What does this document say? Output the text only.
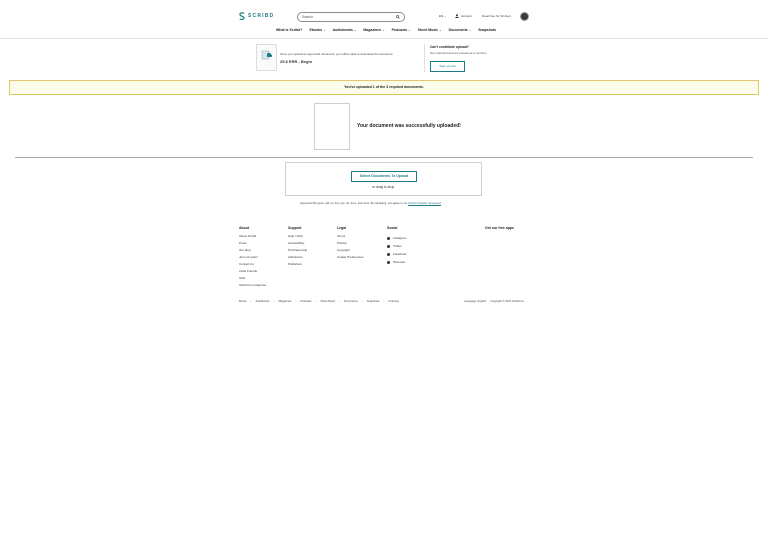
SCRIBD	Search	EN ⌄	Account	Read free for 30 days
What is Scribd? Ebooks ⌄ Audiobooks ⌄ Magazines ⌄ Podcasts ⌄ Sheet Music ⌄ Documents ⌄ Snapshots
Once you upload an approved document, you will be able to download the document
25 $ ERR - Begin
Can't contribute upload?
Get unlimited access instead as a member
Sign up now
You've uploaded 1 of the 3 required documents.
Your document was successfully uploaded!
Select Documents To Upload
or drag & drop
Supported file types: pdf, txt, doc, ppt, xls, docx, and more. By uploading, you agree to our Scribd Uploader Agreement
About
About Scribd
Press
Our blog
Join our team!
Contact Us
Invite Friends
Gifts
Scribd for enterprise
Support
Help / FAQ
Accessibility
Purchase help
AdChoices
Publishers
Legal
Terms
Privacy
Copyright
Cookie Preferences
Social
Instagram
Twitter
Facebook
Pinterest
Get our free apps
Books • Audiobooks • Magazines • Podcasts • Sheet Music • Documents • Snapshots • Chaosuy	Language: English Copyright © 2024 Scribd Inc.
